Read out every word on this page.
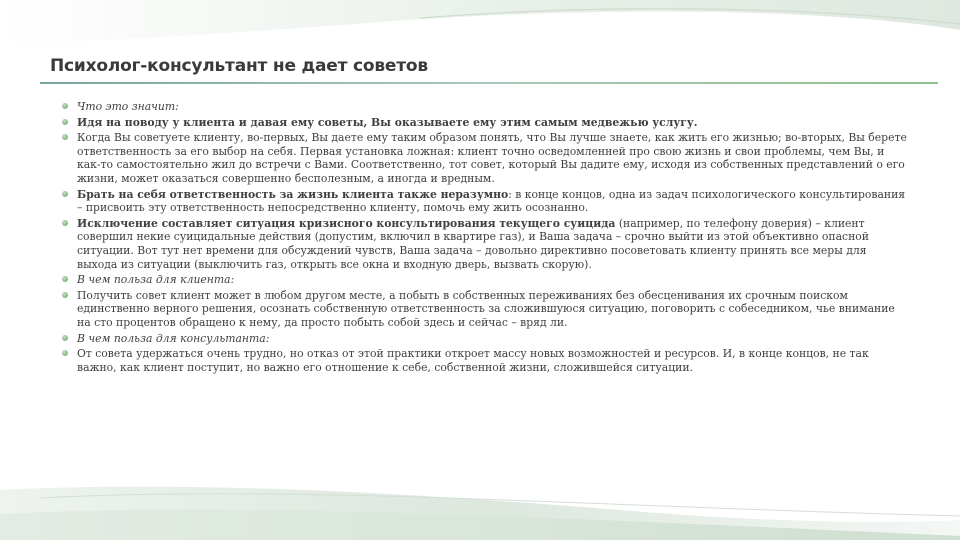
Психолог-консультант не дает советов
Что это значит:
Идя на поводу у клиента и давая ему советы, Вы оказываете ему этим самым медвежью услугу.
Когда Вы советуете клиенту, во-первых, Вы даете ему таким образом понять, что Вы лучше знаете, как жить его жизнью; во-вторых, Вы берете ответственность за его выбор на себя. Первая установка ложная: клиент точно осведомленней про свою жизнь и свои проблемы, чем Вы, и как-то самостоятельно жил до встречи с Вами. Соответственно, тот совет, который Вы дадите ему, исходя из собственных представлений о его жизни, может оказаться совершенно бесполезным, а иногда и вредным.
Брать на себя ответственность за жизнь клиента также неразумно: в конце концов, одна из задач психологического консультирования – присвоить эту ответственность непосредственно клиенту, помочь ему жить осознанно.
Исключение составляет ситуация кризисного консультирования текущего суицида (например, по телефону доверия) – клиент совершил некие суицидальные действия (допустим, включил в квартире газ), и Ваша задача – срочно выйти из этой объективно опасной ситуации. Вот тут нет времени для обсуждений чувств, Ваша задача – довольно директивно посоветовать клиенту принять все меры для выхода из ситуации (выключить газ, открыть все окна и входную дверь, вызвать скорую).
В чем польза для клиента:
Получить совет клиент может в любом другом месте, а побыть в собственных переживаниях без обесценивания их срочным поиском единственно верного решения, осознать собственную ответственность за сложившуюся ситуацию, поговорить с собеседником, чье внимание на сто процентов обращено к нему, да просто побыть собой здесь и сейчас – вряд ли.
В чем польза для консультанта:
От совета удержаться очень трудно, но отказ от этой практики откроет массу новых возможностей и ресурсов. И, в конце концов, не так важно, как клиент поступит, но важно его отношение к себе, собственной жизни, сложившейся ситуации.
